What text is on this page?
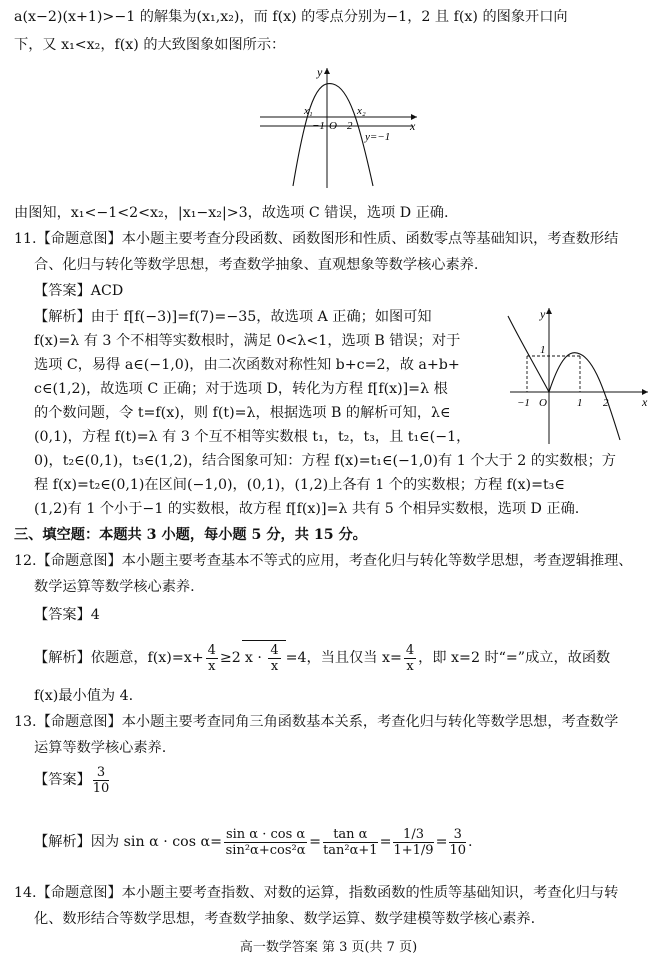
a(x−2)(x+1)>−1 的解集为(x₁,x₂)，而 f(x) 的零点分别为−1，2 且 f(x) 的图象开口向
下，又 x₁<x₂，f(x) 的大致图象如图所示：
y
x
x₁	x₂
−1 O 2
y=−1
由图知，x₁<−1<2<x₂，|x₁−x₂|>3，故选项 C 错误，选项 D 正确.
11.【命题意图】本小题主要考查分段函数、函数图形和性质、函数零点等基础知识，考查数形结
合、化归与转化等数学思想，考查数学抽象、直观想象等数学核心素养.
【答案】ACD
【解析】由于 f[f(−3)]=f(7)=−35，故选项 A 正确；如图可知
f(x)=λ 有 3 个不相等实数根时，满足 0<λ<1，选项 B 错误；对于
选项 C，易得 a∈(−1,0)，由二次函数对称性知 b+c=2，故 a+b+
c∈(1,2)，故选项 C 正确；对于选项 D，转化为方程 f[f(x)]=λ 根
的个数问题，令 t=f(x)，则 f(t)=λ，根据选项 B 的解析可知，λ∈
(0,1)，方程 f(t)=λ 有 3 个互不相等实数根 t₁，t₂，t₃，且 t₁∈(−1，
0)，t₂∈(0,1)，t₃∈(1,2)，结合图象可知：方程 f(x)=t₁∈(−1,0)有 1 个大于 2 的实数根；方
程 f(x)=t₂∈(0,1)在区间(−1,0)，(0,1)，(1,2)上各有 1 个的实数根；方程 f(x)=t₃∈
(1,2)有 1 个小于−1 的实数根，故方程 f[f(x)]=λ 共有 5 个相异实数根，选项 D 正确.
y
x
1
−1 O	1 2
三、填空题：本题共 3 小题，每小题 5 分，共 15 分。
12.【命题意图】本小题主要考查基本不等式的应用，考查化归与转化等数学思想，考查逻辑推理、
数学运算等数学核心素养.
【答案】4
【解析】依题意，$f(x)=x+ \frac{4}{x} \ge 2$ $x \cdot \frac{4}{x} =4$，当且仅当 $x= \frac{4}{x}$ ，即 x=2 时“=”成立，故函数
f(x)最小值为 4.
13.【命题意图】本小题主要考查同角三角函数基本关系，考查化归与转化等数学思想，考查数学
运算等数学核心素养.
【答案】 $\frac{3}{10}$
【解析】因为 $\sin \alpha \cdot \cos \alpha= \frac{\text{sin α · cos α}}{\text{sin²α+cos²α}} = \frac{\text{tan α}}{\text{tan²α+1}} = \frac{1/3}{1+1/9} = \frac{3}{10}$ .
14.【命题意图】本小题主要考查指数、对数的运算，指数函数的性质等基础知识，考查化归与转
化、数形结合等数学思想，考查数学抽象、数学运算、数学建模等数学核心素养.
高一数学答案 第 3 页(共 7 页)
